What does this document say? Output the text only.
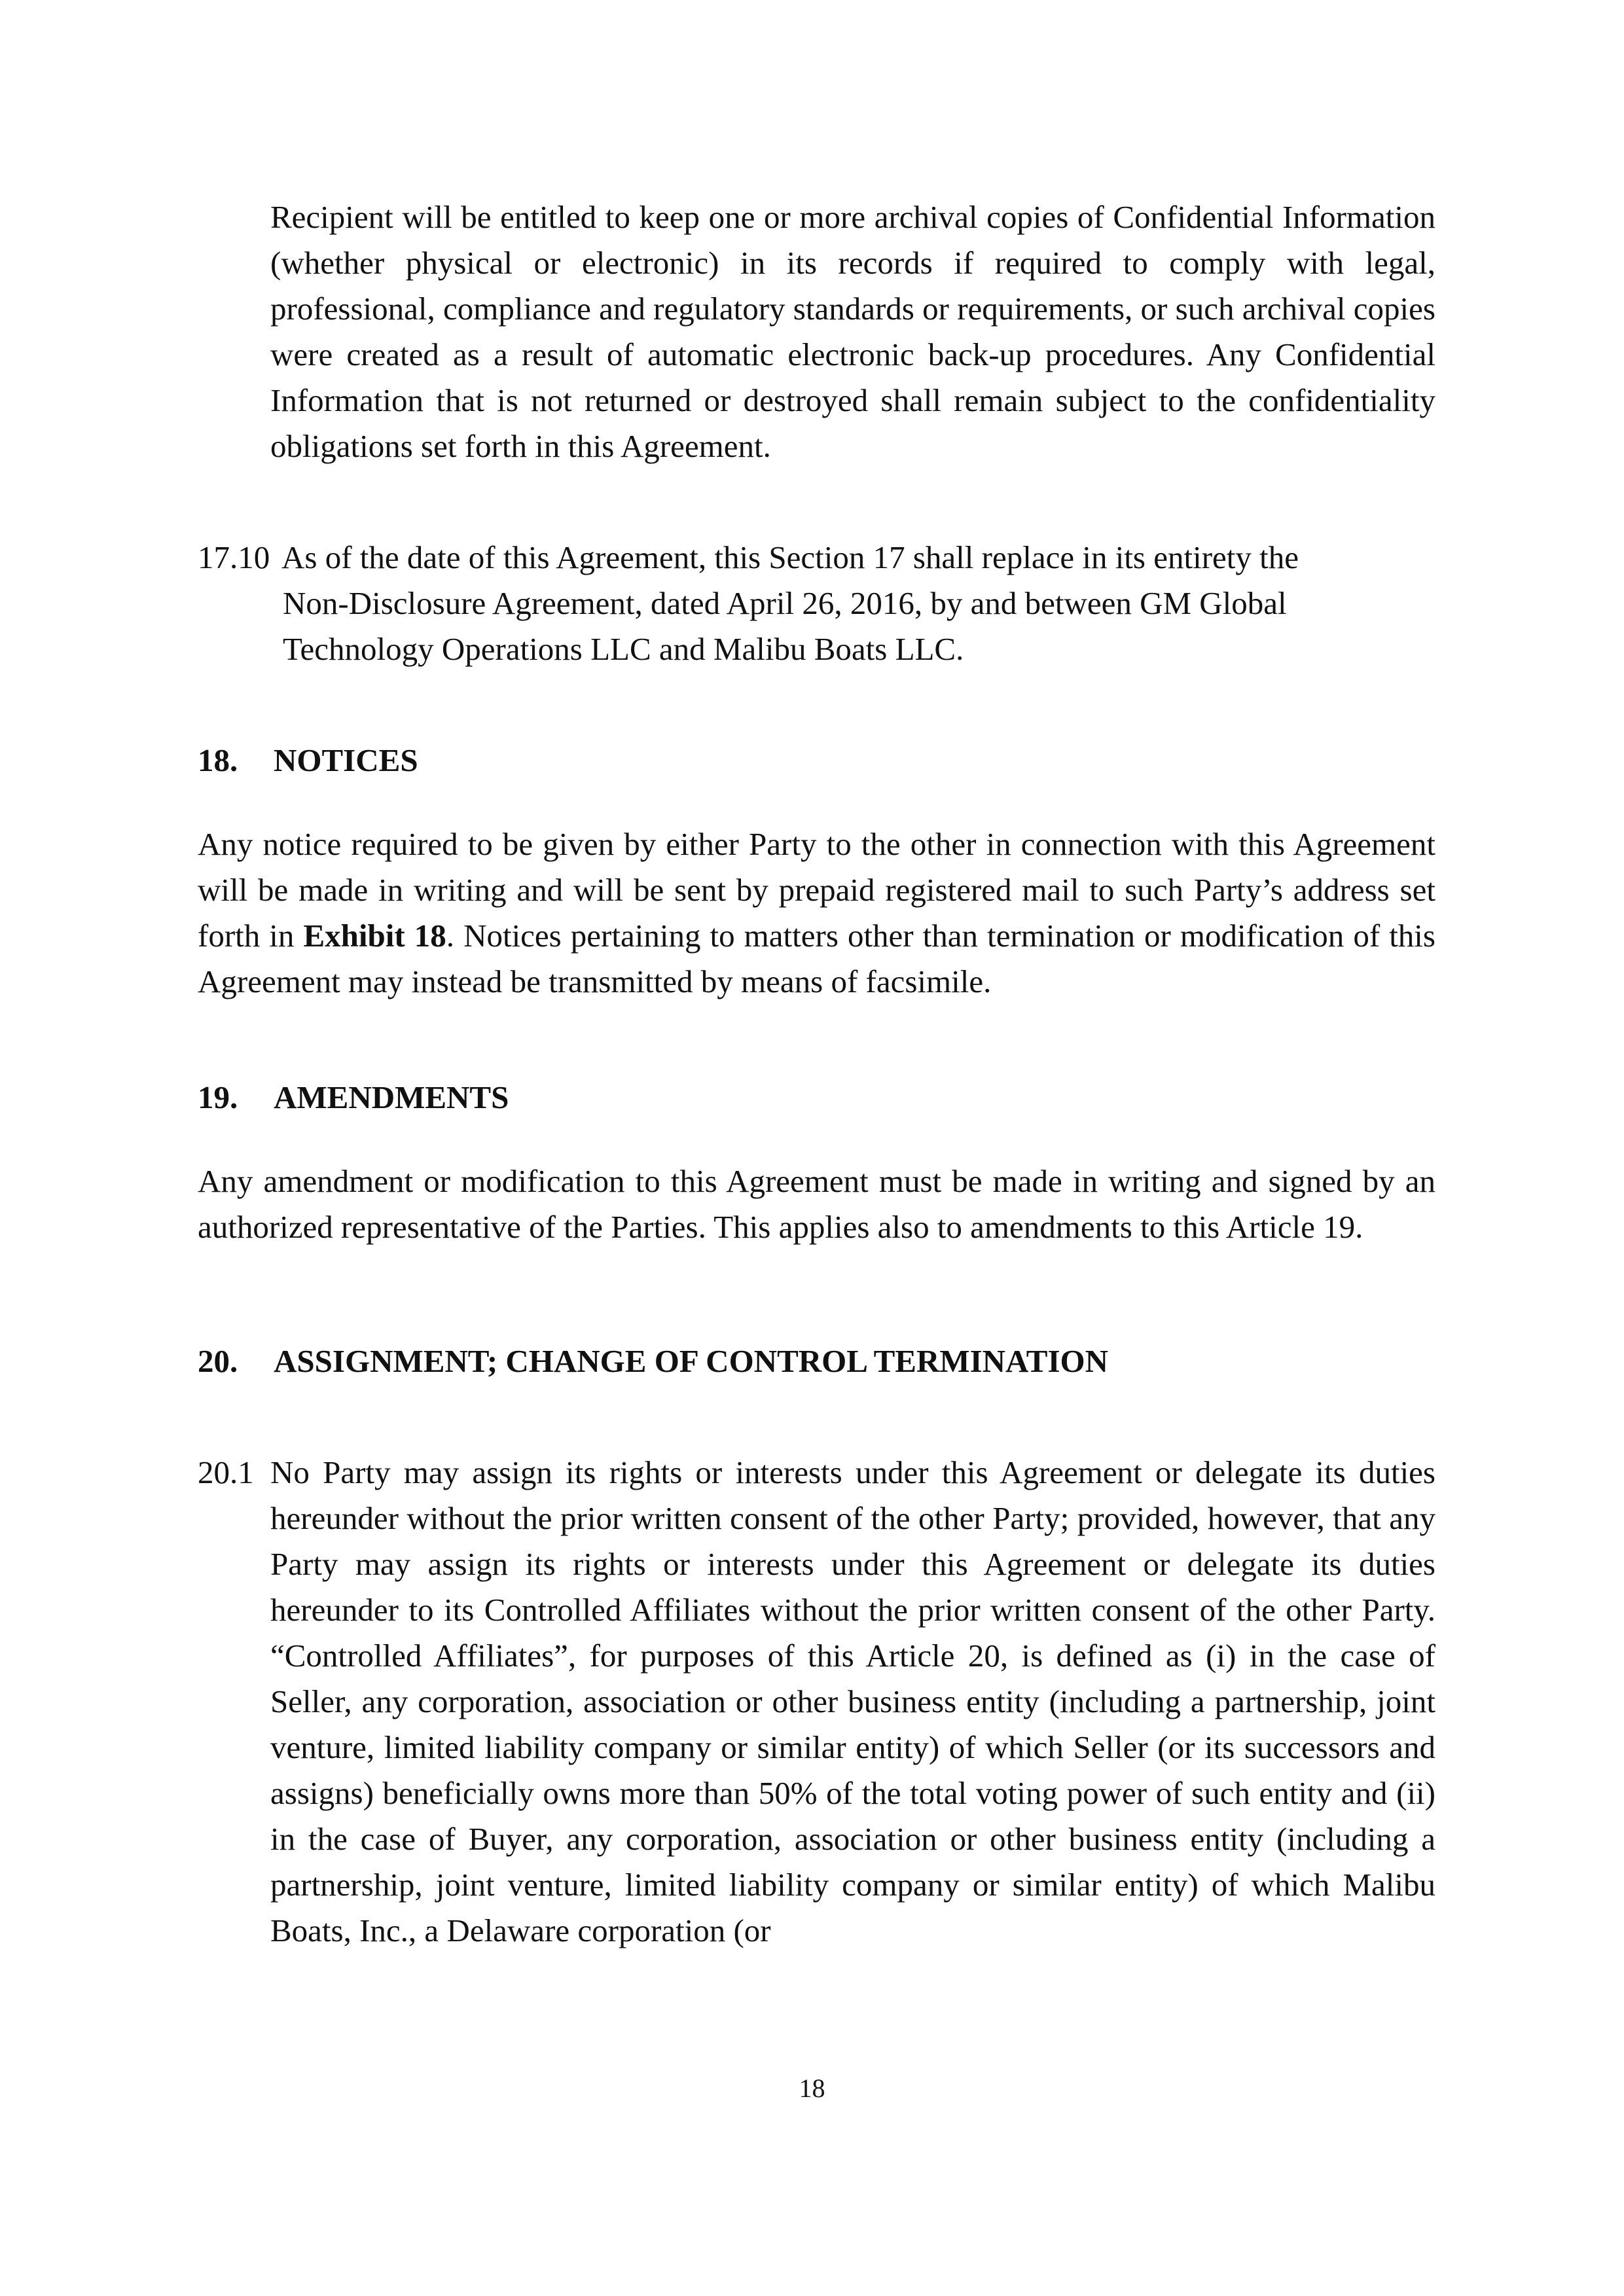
Recipient will be entitled to keep one or more archival copies of Confidential Information (whether physical or electronic) in its records if required to comply with legal, professional, compliance and regulatory standards or requirements, or such archival copies were created as a result of automatic electronic back-up procedures. Any Confidential Information that is not returned or destroyed shall remain subject to the confidentiality obligations set forth in this Agreement.

17.10 As of the date of this Agreement, this Section 17 shall replace in its entirety the

Non-Disclosure Agreement, dated April 26, 2016, by and between GM Global Technology Operations LLC and Malibu Boats LLC.

18. NOTICES

Any notice required to be given by either Party to the other in connection with this Agreement will be made in writing and will be sent by prepaid registered mail to such Party’s address set forth in Exhibit 18. Notices pertaining to matters other than termination or modification of this Agreement may instead be transmitted by means of facsimile.

19. AMENDMENTS

Any amendment or modification to this Agreement must be made in writing and signed by an authorized representative of the Parties. This applies also to amendments to this Article 19.

20. ASSIGNMENT; CHANGE OF CONTROL TERMINATION

20.1 No Party may assign its rights or interests under this Agreement or delegate its duties hereunder without the prior written consent of the other Party; provided, however, that any Party may assign its rights or interests under this Agreement or delegate its duties hereunder to its Controlled Affiliates without the prior written consent of the other Party. “Controlled Affiliates”, for purposes of this Article 20, is defined as (i) in the case of Seller, any corporation, association or other business entity (including a partnership, joint venture, limited liability company or similar entity) of which Seller (or its successors and assigns) beneficially owns more than 50% of the total voting power of such entity and (ii) in the case of Buyer, any corporation, association or other business entity (including a partnership, joint venture, limited liability company or similar entity) of which Malibu Boats, Inc., a Delaware corporation (or

18
